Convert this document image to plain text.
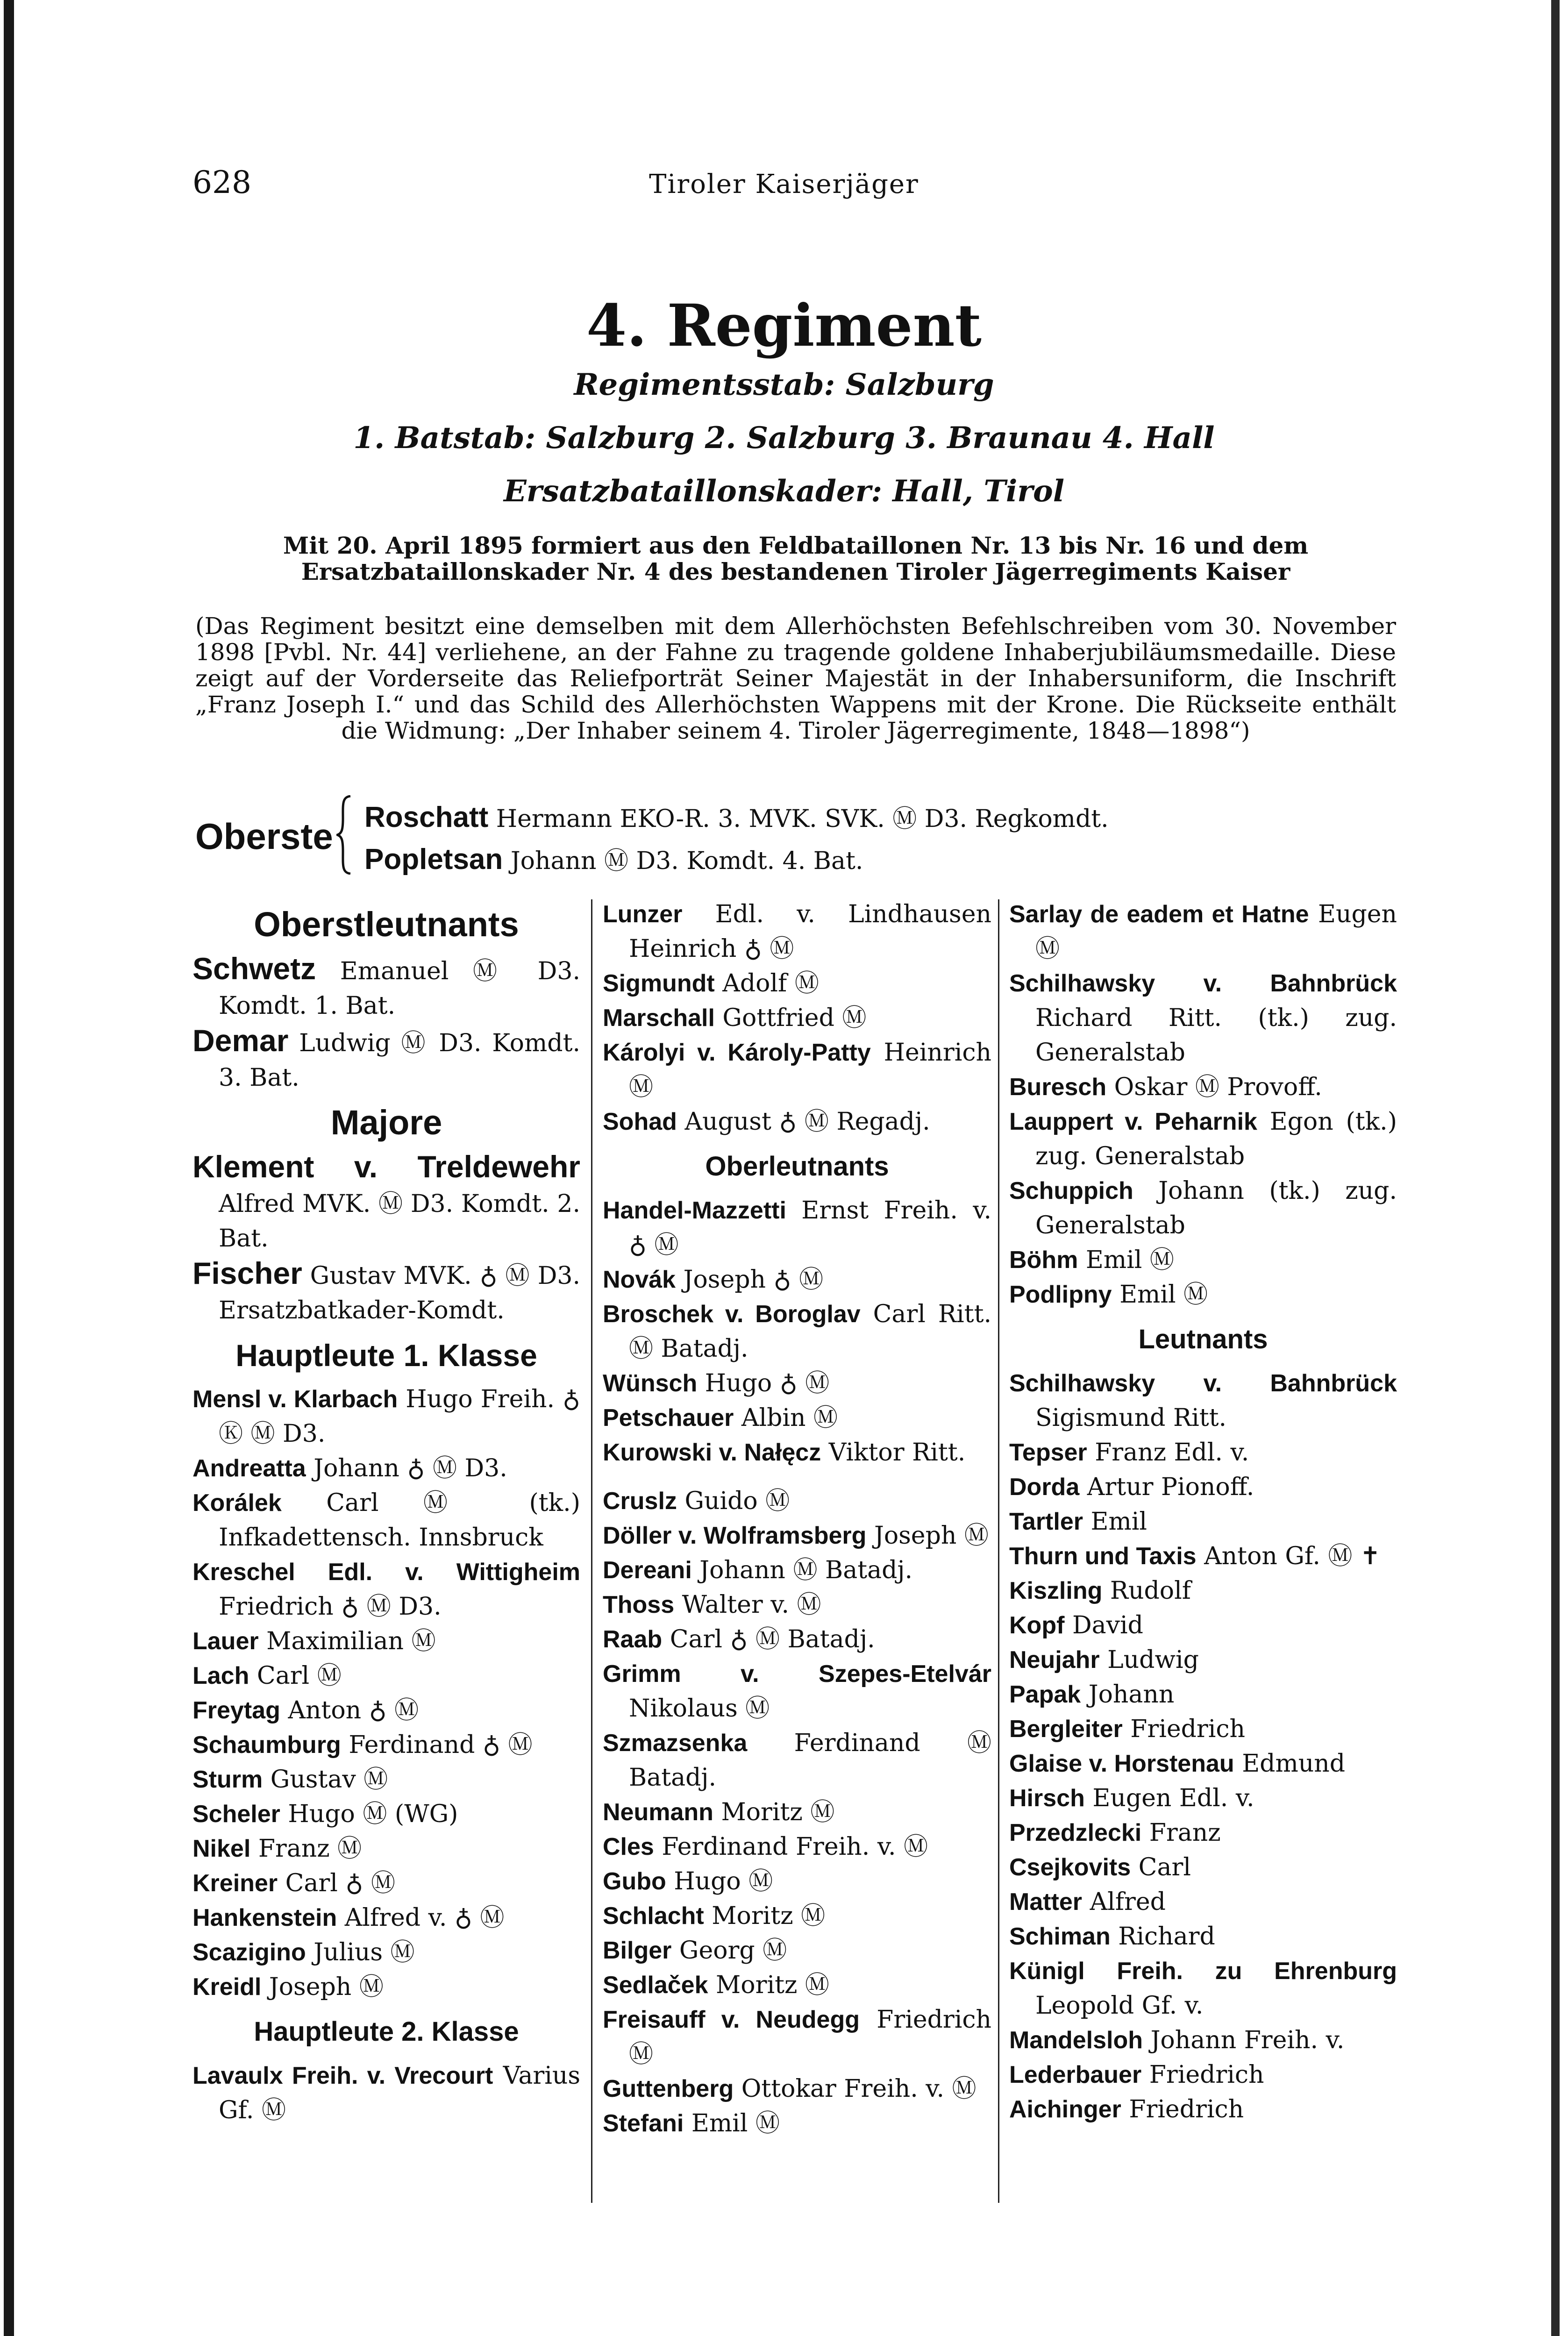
628	Tiroler Kaiserjäger
4. Regiment
Regimentsstab: Salzburg
1. Batstab: Salzburg 2. Salzburg 3. Braunau 4. Hall
Ersatzbataillonskader: Hall, Tirol
Mit 20. April 1895 formiert aus den Feldbataillonen Nr. 13 bis Nr. 16 und dem Ersatzbataillonskader Nr. 4 des bestandenen Tiroler Jägerregiments Kaiser
(Das Regiment besitzt eine demselben mit dem Allerhöchsten Befehlschreiben vom 30. November 1898 [Pvbl. Nr. 44] verliehene, an der Fahne zu tragende goldene Inhaberjubiläumsmedaille. Diese zeigt auf der Vorderseite das Reliefporträt Seiner Majestät in der Inhabersuniform, die Inschrift „Franz Joseph I.“ und das Schild des Allerhöchsten Wappens mit der Krone. Die Rückseite enthält die Widmung: „Der Inhaber seinem 4. Tiroler Jägerregimente, 1848—1898“)
Oberste Roschatt Hermann EKO-R. 3. MVK. SVK. Ⓜ D3. Regkomdt.
Popletsan Johann Ⓜ D3. Komdt. 4. Bat.
Oberstleutnants
Schwetz Emanuel Ⓜ D3. Komdt. 1. Bat.
Demar Ludwig Ⓜ D3. Komdt. 3. Bat.
Majore
Klement v. Treldewehr Alfred MVK. Ⓜ D3. Komdt. 2. Bat.
Fischer Gustav MVK. ♁ Ⓜ D3. Ersatzbatkader-Komdt.
Hauptleute 1. Klasse
Mensl v. Klarbach Hugo Freih. ♁ Ⓚ Ⓜ D3.
Andreatta Johann ♁ Ⓜ D3.
Korálek Carl Ⓜ (tk.) Infkadettensch. Innsbruck
Kreschel Edl. v. Wittigheim Friedrich ♁ Ⓜ D3.
Lauer Maximilian Ⓜ
Lach Carl Ⓜ
Freytag Anton ♁ Ⓜ
Schaumburg Ferdinand ♁ Ⓜ
Sturm Gustav Ⓜ
Scheler Hugo Ⓜ (WG)
Nikel Franz Ⓜ
Kreiner Carl ♁ Ⓜ
Hankenstein Alfred v. ♁ Ⓜ
Scazigino Julius Ⓜ
Kreidl Joseph Ⓜ
Hauptleute 2. Klasse
Lavaulx Freih. v. Vrecourt Varius Gf. Ⓜ
Lunzer Edl. v. Lindhausen Heinrich ♁ Ⓜ
Sigmundt Adolf Ⓜ
Marschall Gottfried Ⓜ
Károlyi v. Károly-Patty Heinrich Ⓜ
Sohad August ♁ Ⓜ Regadj.
Oberleutnants
Handel-Mazzetti Ernst Freih. v. ♁ Ⓜ
Novák Joseph ♁ Ⓜ
Broschek v. Boroglav Carl Ritt. Ⓜ Batadj.
Wünsch Hugo ♁ Ⓜ
Petschauer Albin Ⓜ
Kurowski v. Nałęcz Viktor Ritt.
Cruslz Guido Ⓜ
Döller v. Wolframsberg Joseph Ⓜ
Dereani Johann Ⓜ Batadj.
Thoss Walter v. Ⓜ
Raab Carl ♁ Ⓜ Batadj.
Grimm v. Szepes-Etelvár Nikolaus Ⓜ
Szmazsenka Ferdinand Ⓜ Batadj.
Neumann Moritz Ⓜ
Cles Ferdinand Freih. v. Ⓜ
Gubo Hugo Ⓜ
Schlacht Moritz Ⓜ
Bilger Georg Ⓜ
Sedlaček Moritz Ⓜ
Freisauff v. Neudegg Friedrich Ⓜ
Guttenberg Ottokar Freih. v. Ⓜ
Stefani Emil Ⓜ
Sarlay de eadem et Hatne Eugen Ⓜ
Schilhawsky v. Bahnbrück Richard Ritt. (tk.) zug. Generalstab
Buresch Oskar Ⓜ Provoff.
Lauppert v. Peharnik Egon (tk.) zug. Generalstab
Schuppich Johann (tk.) zug. Generalstab
Böhm Emil Ⓜ
Podlipny Emil Ⓜ
Leutnants
Schilhawsky v. Bahnbrück Sigismund Ritt.
Tepser Franz Edl. v.
Dorda Artur Pionoff.
Tartler Emil
Thurn und Taxis Anton Gf. Ⓜ ✝
Kiszling Rudolf
Kopf David
Neujahr Ludwig
Papak Johann
Bergleiter Friedrich
Glaise v. Horstenau Edmund
Hirsch Eugen Edl. v.
Przedzlecki Franz
Csejkovits Carl
Matter Alfred
Schiman Richard
Künigl Freih. zu Ehrenburg Leopold Gf. v.
Mandelsloh Johann Freih. v.
Lederbauer Friedrich
Aichinger Friedrich
